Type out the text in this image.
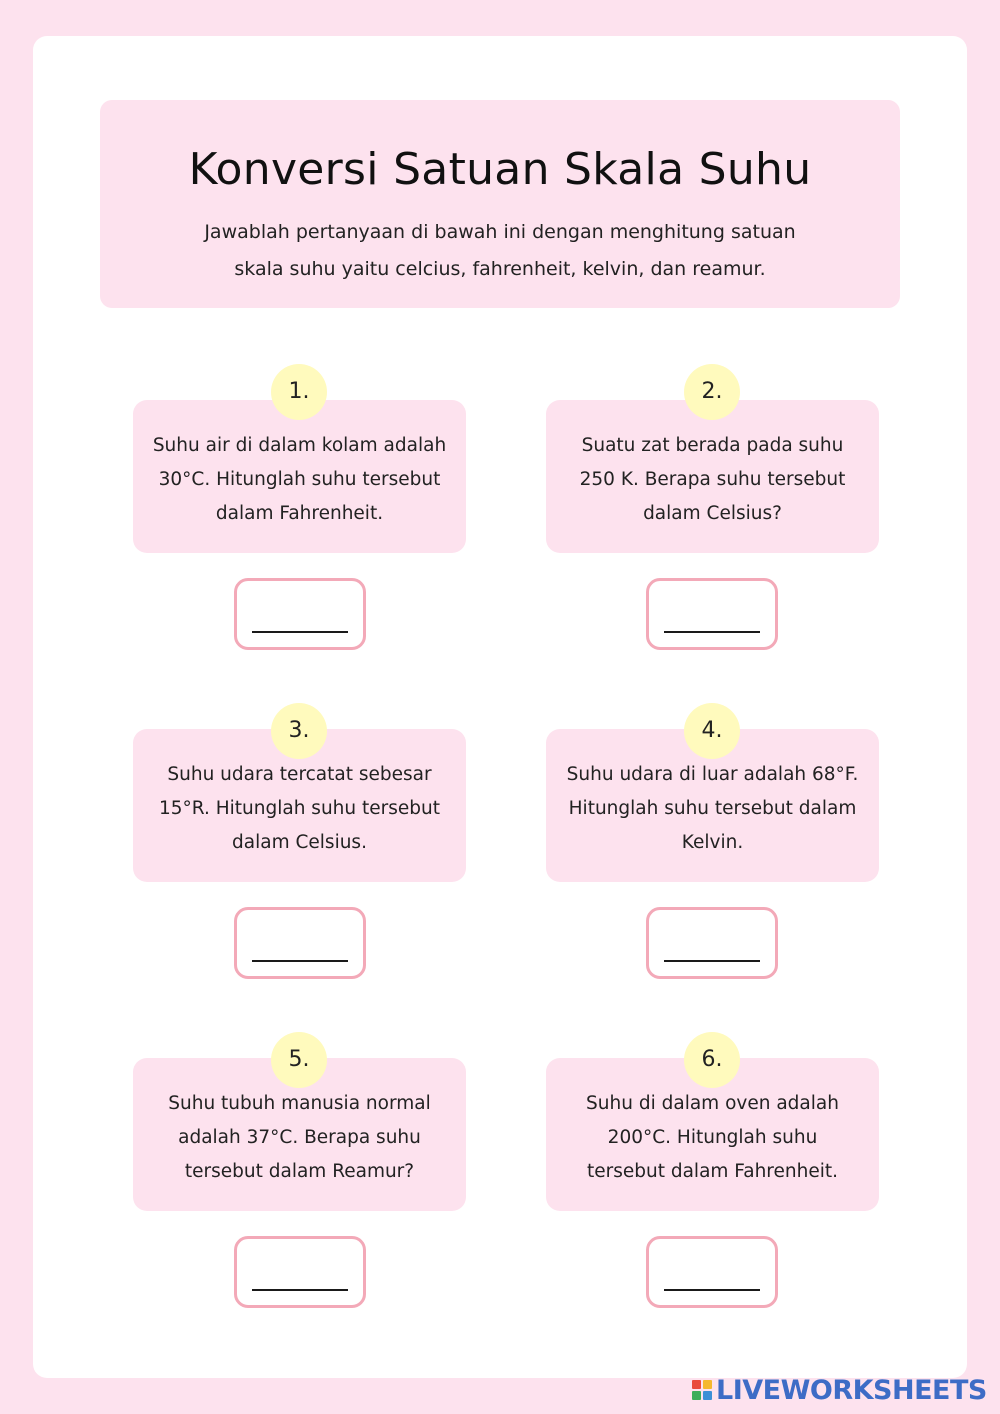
Konversi Satuan Skala Suhu
Jawablah pertanyaan di bawah ini dengan menghitung satuan
skala suhu yaitu celcius, fahrenheit, kelvin, dan reamur.
1.
Suhu air di dalam kolam adalah
30°C. Hitunglah suhu tersebut
dalam Fahrenheit.
2.
Suatu zat berada pada suhu
250 K. Berapa suhu tersebut
dalam Celsius?
3.
Suhu udara tercatat sebesar
15°R. Hitunglah suhu tersebut
dalam Celsius.
4.
Suhu udara di luar adalah 68°F.
Hitunglah suhu tersebut dalam
Kelvin.
5.
Suhu tubuh manusia normal
adalah 37°C. Berapa suhu
tersebut dalam Reamur?
6.
Suhu di dalam oven adalah
200°C. Hitunglah suhu
tersebut dalam Fahrenheit.
LIVEWORKSHEETS
